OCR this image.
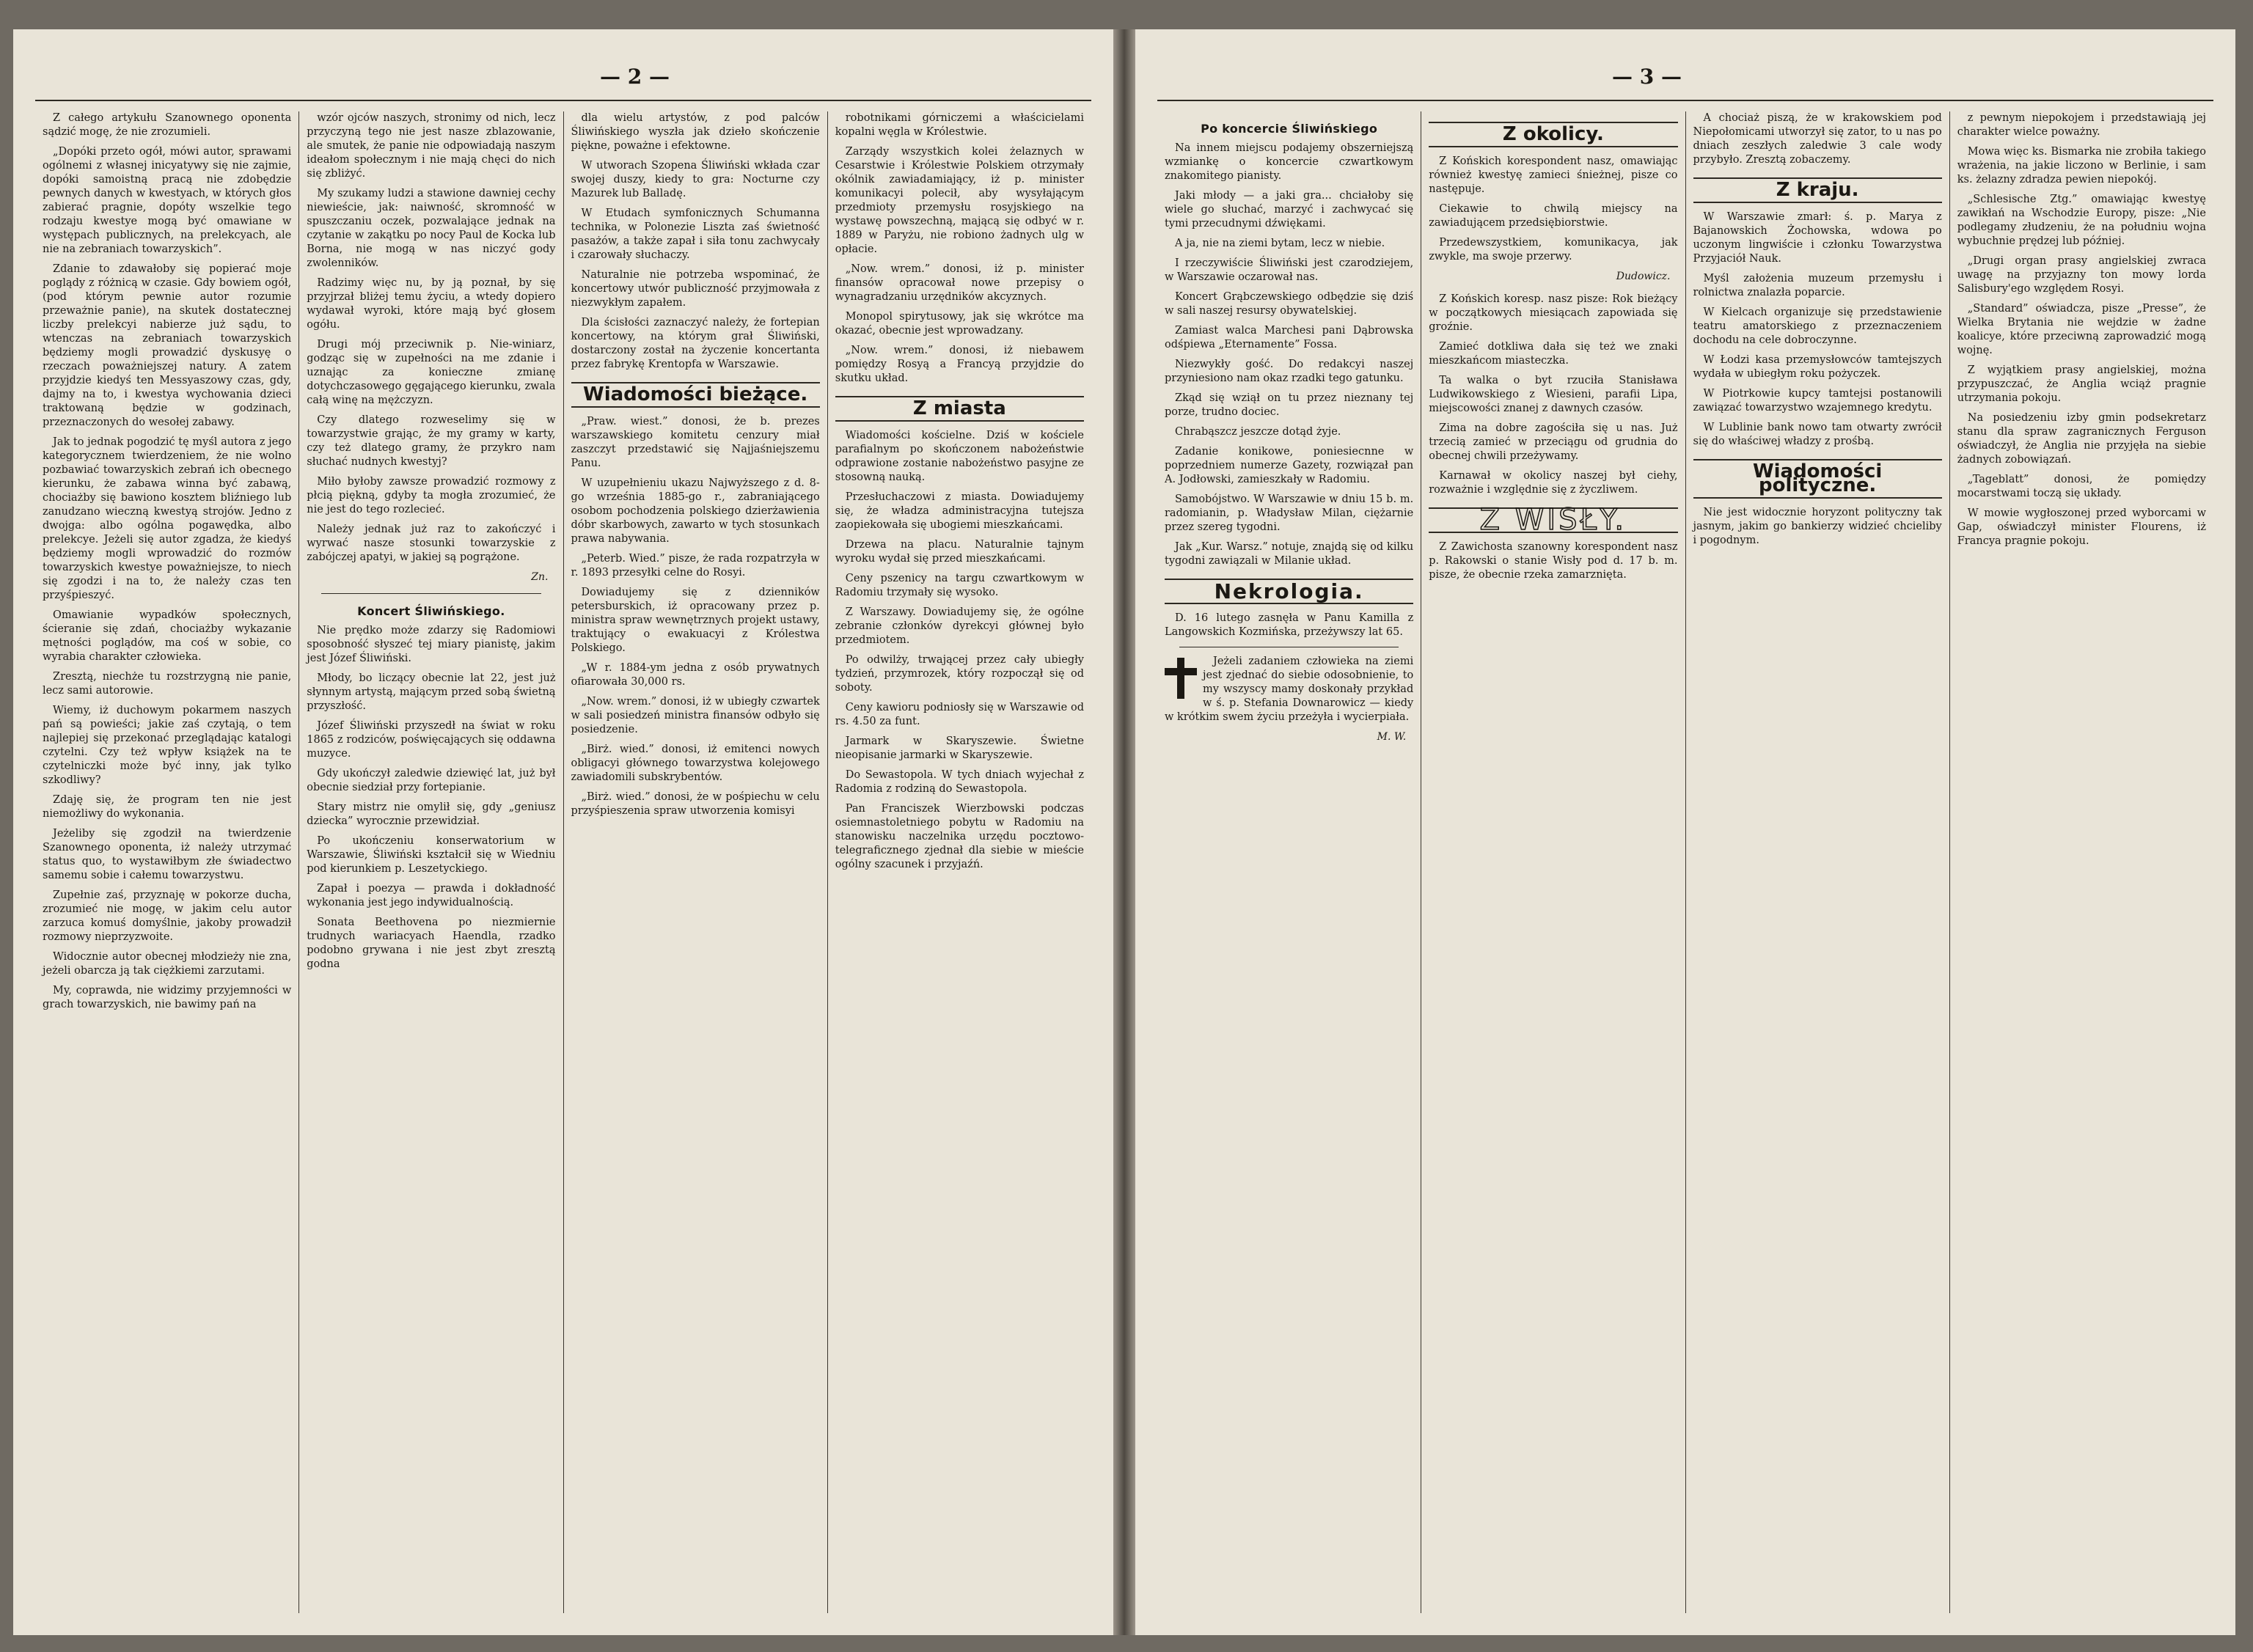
— 2 —

Z całego artykułu Szanownego oponenta sądzić mogę, że nie zrozumieli.

„Dopóki przeto ogół, mówi autor, sprawami ogólnemi z własnej inicyatywy się nie zajmie, dopóki samoistną pracą nie zdobędzie pewnych danych w kwestyach, w których głos zabierać pragnie, dopóty wszelkie tego rodzaju kwestye mogą być omawiane w występach publicznych, na prelekcyach, ale nie na zebraniach towarzyskich”.

Zdanie to zdawałoby się popierać moje poglądy z różnicą w czasie. Gdy bowiem ogół, (pod którym pewnie autor rozumie przeważnie panie), na skutek dostatecznej liczby prelekcyi nabierze już sądu, to wtenczas na zebraniach towarzyskich będziemy mogli prowadzić dyskusyę o rzeczach poważniejszej natury. A zatem przyjdzie kiedyś ten Messyaszowy czas, gdy, dajmy na to, i kwestya wychowania dzieci traktowaną będzie w godzinach, przeznaczonych do wesołej zabawy.

Jak to jednak pogodzić tę myśl autora z jego kategorycznem twierdzeniem, że nie wolno pozbawiać towarzyskich zebrań ich obecnego kierunku, że zabawa winna być zabawą, chociażby się bawiono kosztem bliźniego lub zanudzano wieczną kwestyą strojów. Jedno z dwojga: albo ogólna pogawędka, albo prelekcye. Jeżeli się autor zgadza, że kiedyś będziemy mogli wprowadzić do rozmów towarzyskich kwestye poważniejsze, to niech się zgodzi i na to, że należy czas ten przyśpieszyć.

Omawianie wypadków społecznych, ścieranie się zdań, chociażby wykazanie mętności poglądów, ma coś w sobie, co wyrabia charakter człowieka.

Zresztą, niechże tu rozstrzygną nie panie, lecz sami autorowie.

Wiemy, iż duchowym pokarmem naszych pań są powieści; jakie zaś czytają, o tem najlepiej się przekonać przeglądając katalogi czytelni. Czy też wpływ książek na te czytelniczki może być inny, jak tylko szkodliwy?

Zdaję się, że program ten nie jest niemożliwy do wykonania.

Jeżeliby się zgodził na twierdzenie Szanownego oponenta, iż należy utrzymać status quo, to wystawiłbym złe świadectwo samemu sobie i całemu towarzystwu.

Zupełnie zaś, przyznaję w pokorze ducha, zrozumieć nie mogę, w jakim celu autor zarzuca komuś domyślnie, jakoby prowadził rozmowy nieprzyzwoite.

Widocznie autor obecnej młodzieży nie zna, jeżeli obarcza ją tak ciężkiemi zarzutami.

My, coprawda, nie widzimy przyjemności w grach towarzyskich, nie bawimy pań na

wzór ojców naszych, stronimy od nich, lecz przyczyną tego nie jest nasze zblazowanie, ale smutek, że panie nie odpowiadają naszym ideałom społecznym i nie mają chęci do nich się zbliżyć.

My szukamy ludzi a stawione dawniej cechy niewieście, jak: naiwność, skromność w spuszczaniu oczek, pozwalające jednak na czytanie w zakątku po nocy Paul de Kocka lub Borna, nie mogą w nas niczyć gody zwolenników.

Radzimy więc nu, by ją poznał, by się przyjrzał bliżej temu życiu, a wtedy dopiero wydawał wyroki, które mają być głosem ogółu.

Drugi mój przeciwnik p. Nie-winiarz, godząc się w zupełności na me zdanie i uznając za konieczne zmianę dotychczasowego gęgającego kierunku, zwala całą winę na mężczyzn.

Czy dlatego rozweselimy się w towarzystwie grając, że my gramy w karty, czy też dlatego gramy, że przykro nam słuchać nudnych kwestyj?

Miło byłoby zawsze prowadzić rozmowy z płcią piękną, gdyby ta mogła zrozumieć, że nie jest do tego rozlecieć.

Należy jednak już raz to zakończyć i wyrwać nasze stosunki towarzyskie z zabójczej apatyi, w jakiej są pogrążone.

Zn.
Koncert Śliwińskiego.

Nie prędko może zdarzy się Radomiowi sposobność słyszeć tej miary pianistę, jakim jest Józef Śliwiński.

Młody, bo liczący obecnie lat 22, jest już słynnym artystą, mającym przed sobą świetną przyszłość.

Józef Śliwiński przyszedł na świat w roku 1865 z rodziców, poświęcających się oddawna muzyce.

Gdy ukończył zaledwie dziewięć lat, już był obecnie siedział przy fortepianie.

Stary mistrz nie omylił się, gdy „geniusz dziecka” wyrocznie przewidział.

Po ukończeniu konserwatorium w Warszawie, Śliwiński kształcił się w Wiedniu pod kierunkiem p. Leszetyckiego.

Zapał i poezya — prawda i dokładność wykonania jest jego indywidualnością.

Sonata Beethovena po niezmiernie trudnych wariacyach Haendla, rzadko podobno grywana i nie jest zbyt zresztą godna

dla wielu artystów, z pod palców Śliwińskiego wyszła jak dzieło skończenie piękne, poważne i efektowne.

W utworach Szopena Śliwiński wkłada czar swojej duszy, kiedy to gra: Nocturne czy Mazurek lub Balladę.

W Etudach symfonicznych Schumanna technika, w Polonezie Liszta zaś świetność pasażów, a także zapał i siła tonu zachwycały i czarowały słuchaczy.

Naturalnie nie potrzeba wspominać, że koncertowy utwór publiczność przyjmowała z niezwykłym zapałem.

Dla ścisłości zaznaczyć należy, że fortepian koncertowy, na którym grał Śliwiński, dostarczony został na życzenie koncertanta przez fabrykę Krentopfa w Warszawie.

Wiadomości bieżące.

„Praw. wiest.” donosi, że b. prezes warszawskiego komitetu cenzury miał zaszczyt przedstawić się Najjaśniejszemu Panu.

W uzupełnieniu ukazu Najwyższego z d. 8-go września 1885-go r., zabraniającego osobom pochodzenia polskiego dzierżawienia dóbr skarbowych, zawarto w tych stosunkach prawa nabywania.

„Peterb. Wied.” pisze, że rada rozpatrzyła w r. 1893 przesyłki celne do Rosyi.

Dowiadujemy się z dzienników petersburskich, iż opracowany przez p. ministra spraw wewnętrznych projekt ustawy, traktujący o ewakuacyi z Królestwa Polskiego.

„W r. 1884-ym jedna z osób prywatnych ofiarowała 30,000 rs.

„Now. wrem.” donosi, iż w ubiegły czwartek w sali posiedzeń ministra finansów odbyło się posiedzenie.

„Birż. wied.” donosi, iż emitenci nowych obligacyi głównego towarzystwa kolejowego zawiadomili subskrybentów.

„Birż. wied.” donosi, że w pośpiechu w celu przyśpieszenia spraw utworzenia komisyi

robotnikami górniczemi a właścicielami kopalni węgla w Królestwie.

Zarządy wszystkich kolei żelaznych w Cesarstwie i Królestwie Polskiem otrzymały okólnik zawiadamiający, iż p. minister komunikacyi polecił, aby wysyłającym przedmioty przemysłu rosyjskiego na wystawę powszechną, mającą się odbyć w r. 1889 w Paryżu, nie robiono żadnych ulg w opłacie.

„Now. wrem.” donosi, iż p. minister finansów opracował nowe przepisy o wynagradzaniu urzędników akcyznych.

Monopol spirytusowy, jak się wkrótce ma okazać, obecnie jest wprowadzany.

„Now. wrem.” donosi, iż niebawem pomiędzy Rosyą a Francyą przyjdzie do skutku układ.

Z miasta

Wiadomości kościelne. Dziś w kościele parafialnym po skończonem nabożeństwie odprawione zostanie nabożeństwo pasyjne ze stosowną nauką.

Przesłuchaczowi z miasta. Dowiadujemy się, że władza administracyjna tutejsza zaopiekowała się ubogiemi mieszkańcami.

Drzewa na placu. Naturalnie tajnym wyroku wydał się przed mieszkańcami.

Ceny pszenicy na targu czwartkowym w Radomiu trzymały się wysoko.

Z Warszawy. Dowiadujemy się, że ogólne zebranie członków dyrekcyi głównej było przedmiotem.

Po odwilży, trwającej przez cały ubiegły tydzień, przymrozek, który rozpoczął się od soboty.

Ceny kawioru podniosły się w Warszawie od rs. 4.50 za funt.

Jarmark w Skaryszewie. Świetne nieopisanie jarmarki w Skaryszewie.

Do Sewastopola. W tych dniach wyjechał z Radomia z rodziną do Sewastopola.

Pan Franciszek Wierzbowski podczas osiemnastoletniego pobytu w Radomiu na stanowisku naczelnika urzędu pocztowo-telegraficznego zjednał dla siebie w mieście ogólny szacunek i przyjaźń.

— 3 —
Po koncercie Śliwińskiego

Na innem miejscu podajemy obszerniejszą wzmiankę o koncercie czwartkowym znakomitego pianisty.

Jaki młody — a jaki gra... chciałoby się wiele go słuchać, marzyć i zachwycać się tymi przecudnymi dźwiękami.

A ja, nie na ziemi bytam, lecz w niebie.

I rzeczywiście Śliwiński jest czarodziejem, w Warszawie oczarował nas.

Koncert Grąbczewskiego odbędzie się dziś w sali naszej resursy obywatelskiej.

Zamiast walca Marchesi pani Dąbrowska odśpiewa „Eternamente” Fossa.

Niezwykły gość. Do redakcyi naszej przyniesiono nam okaz rzadki tego gatunku.

Zkąd się wziął on tu przez nieznany tej porze, trudno dociec.

Chrabąszcz jeszcze dotąd żyje.

Zadanie konikowe, poniesiecnne w poprzedniem numerze Gazety, rozwiązał pan A. Jodłowski, zamieszkały w Radomiu.

Samobójstwo. W Warszawie w dniu 15 b. m. radomianin, p. Władysław Milan, ciężarnie przez szereg tygodni.

Jak „Kur. Warsz.” notuje, znajdą się od kilku tygodni zawiązali w Milanie układ.

Nekrologia.

D. 16 lutego zasnęła w Panu Kamilla z Langowskich Kozmińska, przeżywszy lat 65.

Jeżeli zadaniem człowieka na ziemi jest zjednać do siebie odosobnienie, to my wszyscy mamy doskonały przykład w ś. p. Stefania Downarowicz — kiedy w krótkim swem życiu przeżyła i wycierpiała.

M. W.
Z okolicy.

Z Końskich korespondent nasz, omawiając również kwestyę zamieci śnieżnej, pisze co następuje.

Ciekawie to chwilą miejscy na zawiadującem przedsiębiorstwie.

Przedewszystkiem, komunikacya, jak zwykle, ma swoje przerwy.

Dudowicz.

Z Końskich koresp. nasz pisze: Rok bieżący w początkowych miesiącach zapowiada się groźnie.

Zamieć dotkliwa dała się też we znaki mieszkańcom miasteczka.

Ta walka o byt rzuciła Stanisława Ludwikowskiego z Wiesieni, parafii Lipa, miejscowości znanej z dawnych czasów.

Zima na dobre zagościła się u nas. Już trzecią zamieć w przeciągu od grudnia do obecnej chwili przeżywamy.

Karnawał w okolicy naszej był ciehy, rozważnie i względnie się z życzliwem.

Z WISŁY.

Z Zawichosta szanowny korespondent nasz p. Rakowski o stanie Wisły pod d. 17 b. m. pisze, że obecnie rzeka zamarznięta.

A chociaż piszą, że w krakowskiem pod Niepołomicami utworzył się zator, to u nas po dniach zeszłych zaledwie 3 cale wody przybyło. Zresztą zobaczemy.

Z kraju.

W Warszawie zmarł: ś. p. Marya z Bajanowskich Żochowska, wdowa po uczonym lingwiście i członku Towarzystwa Przyjaciół Nauk.

Myśl założenia muzeum przemysłu i rolnictwa znalazła poparcie.

W Kielcach organizuje się przedstawienie teatru amatorskiego z przeznaczeniem dochodu na cele dobroczynne.

W Łodzi kasa przemysłowców tamtejszych wydała w ubiegłym roku pożyczek.

W Piotrkowie kupcy tamtejsi postanowili zawiązać towarzystwo wzajemnego kredytu.

W Lublinie bank nowo tam otwarty zwrócił się do właściwej władzy z prośbą.

Wiadomości polityczne.

Nie jest widocznie horyzont polityczny tak jasnym, jakim go bankierzy widzieć chcieliby i pogodnym.

z pewnym niepokojem i przedstawiają jej charakter wielce poważny.

Mowa więc ks. Bismarka nie zrobiła takiego wrażenia, na jakie liczono w Berlinie, i sam ks. żelazny zdradza pewien niepokój.

„Schlesische Ztg.” omawiając kwestyę zawikłań na Wschodzie Europy, pisze: „Nie podlegamy złudzeniu, że na południu wojna wybuchnie prędzej lub później.

„Drugi organ prasy angielskiej zwraca uwagę na przyjazny ton mowy lorda Salisbury'ego względem Rosyi.

„Standard” oświadcza, pisze „Presse”, że Wielka Brytania nie wejdzie w żadne koalicye, które przeciwną zaprowadzić mogą wojnę.

Z wyjątkiem prasy angielskiej, można przypuszczać, że Anglia wciąż pragnie utrzymania pokoju.

Na posiedzeniu izby gmin podsekretarz stanu dla spraw zagranicznych Ferguson oświadczył, że Anglia nie przyjęła na siebie żadnych zobowiązań.

„Tageblatt” donosi, że pomiędzy mocarstwami toczą się układy.

W mowie wygłoszonej przed wyborcami w Gap, oświadczył minister Flourens, iż Francya pragnie pokoju.
